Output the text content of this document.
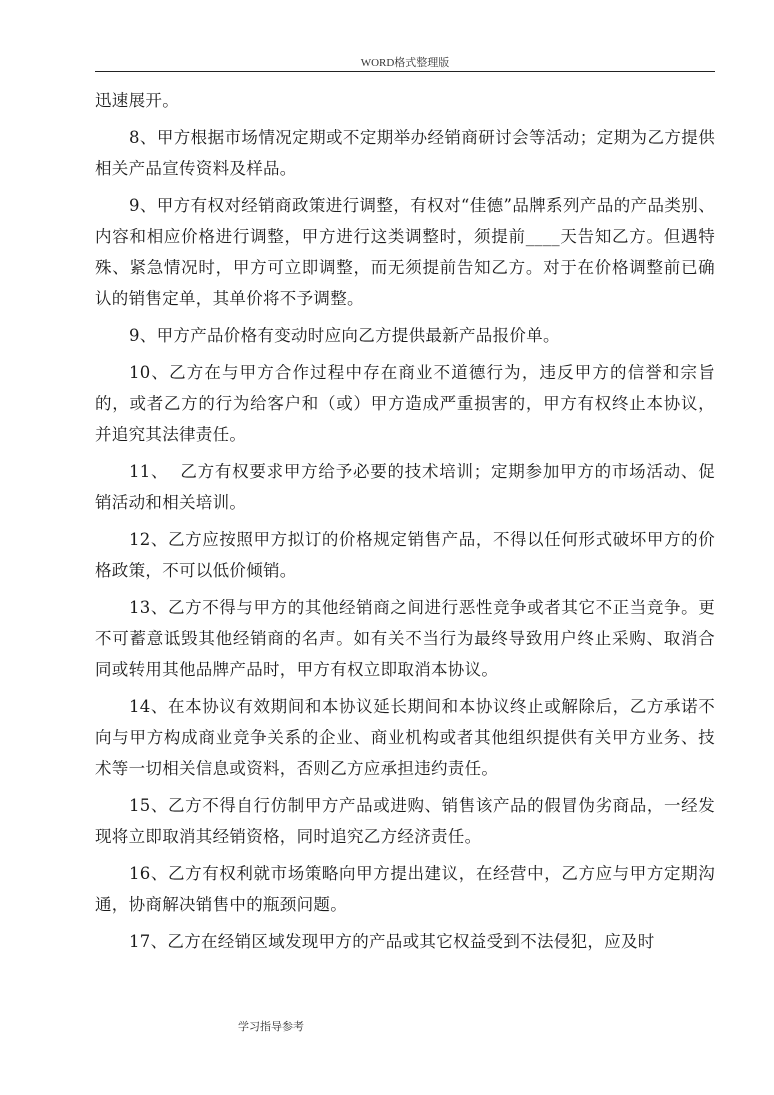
WORD格式整理版

迅速展开。

8、甲方根据市场情况定期或不定期举办经销商研讨会等活动；定期为乙方提供相关产品宣传资料及样品。

9、甲方有权对经销商政策进行调整，有权对“佳德”品牌系列产品的产品类别、内容和相应价格进行调整，甲方进行这类调整时，须提前____天告知乙方。但遇特殊、紧急情况时，甲方可立即调整，而无须提前告知乙方。对于在价格调整前已确认的销售定单，其单价将不予调整。

9、甲方产品价格有变动时应向乙方提供最新产品报价单。

10、乙方在与甲方合作过程中存在商业不道德行为，违反甲方的信誉和宗旨的，或者乙方的行为给客户和（或）甲方造成严重损害的，甲方有权终止本协议，并追究其法律责任。

11、  乙方有权要求甲方给予必要的技术培训；定期参加甲方的市场活动、促销活动和相关培训。

12、乙方应按照甲方拟订的价格规定销售产品，不得以任何形式破坏甲方的价格政策，不可以低价倾销。

13、乙方不得与甲方的其他经销商之间进行恶性竞争或者其它不正当竞争。更不可蓄意诋毁其他经销商的名声。如有关不当行为最终导致用户终止采购、取消合同或转用其他品牌产品时，甲方有权立即取消本协议。

14、在本协议有效期间和本协议延长期间和本协议终止或解除后，乙方承诺不向与甲方构成商业竞争关系的企业、商业机构或者其他组织提供有关甲方业务、技术等一切相关信息或资料，否则乙方应承担违约责任。

15、乙方不得自行仿制甲方产品或进购、销售该产品的假冒伪劣商品，一经发现将立即取消其经销资格，同时追究乙方经济责任。

16、乙方有权利就市场策略向甲方提出建议，在经营中，乙方应与甲方定期沟通，协商解决销售中的瓶颈问题。

17、乙方在经销区域发现甲方的产品或其它权益受到不法侵犯，应及时

学习指导参考
